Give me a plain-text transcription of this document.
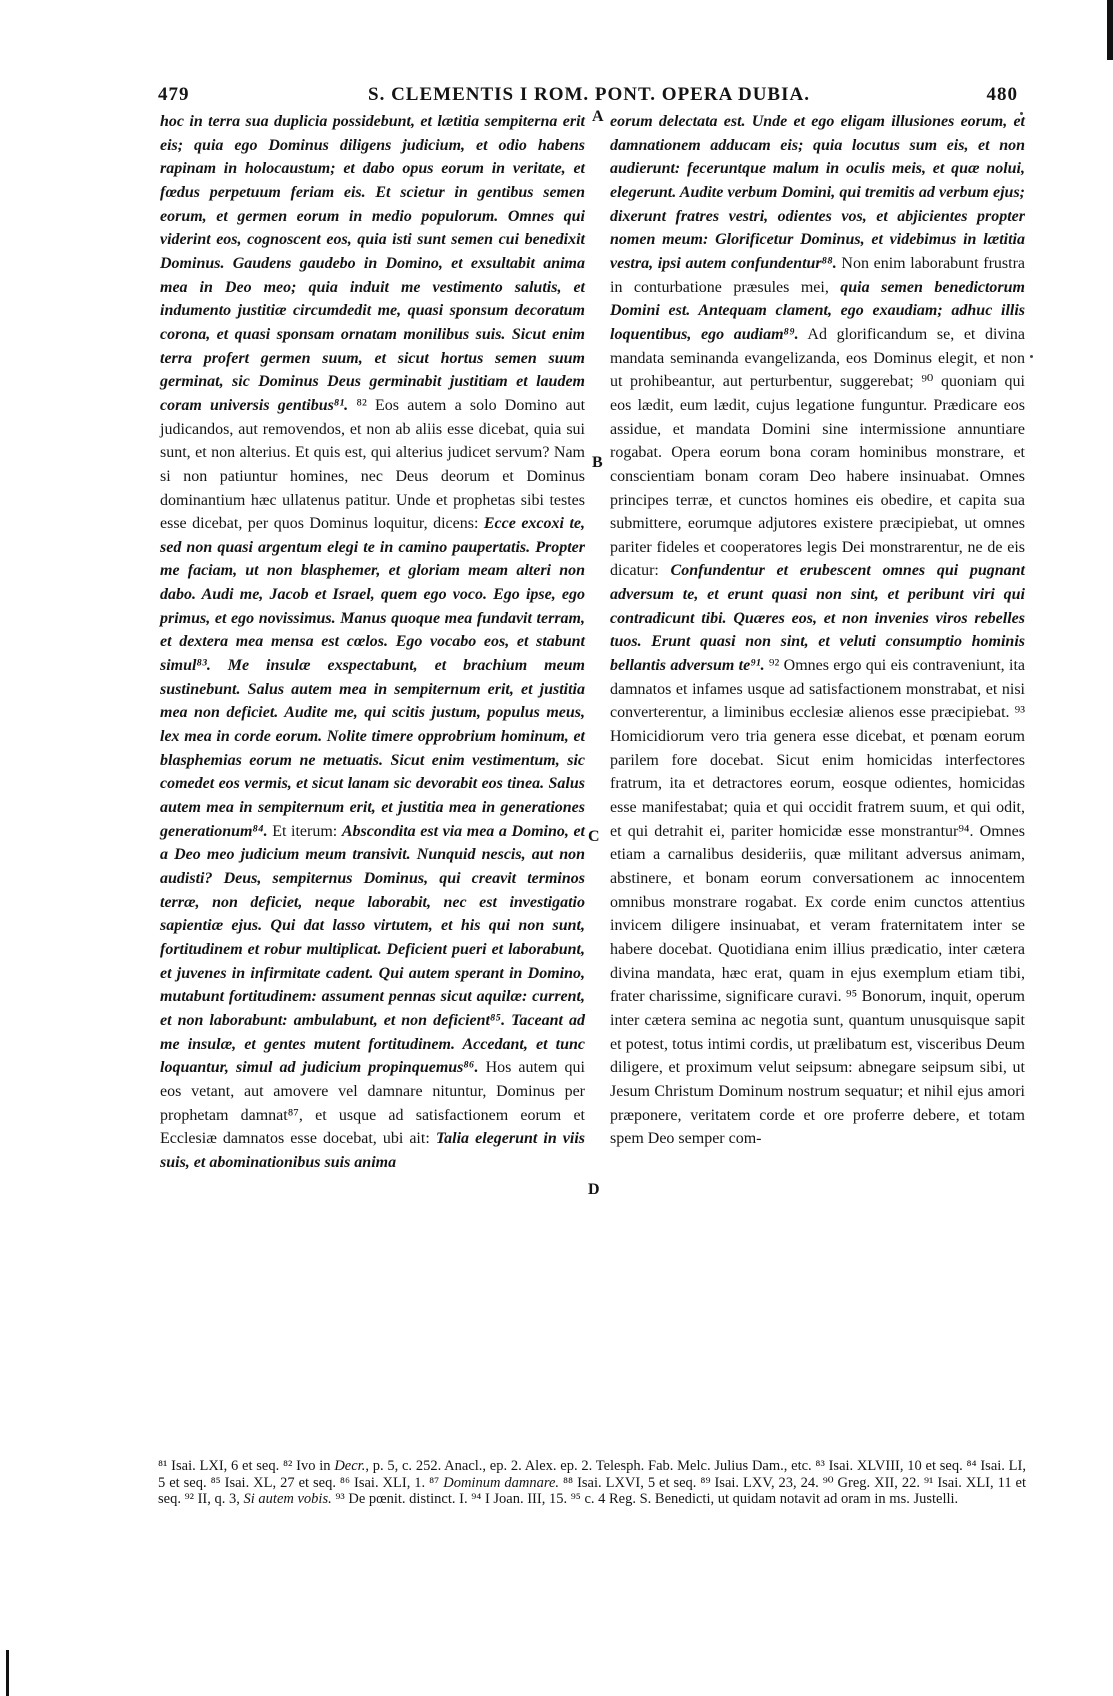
479	S. CLEMENTIS I ROM. PONT. OPERA DUBIA.	480
A
B
C
D
hoc in terra sua duplicia possidebunt, et lætitia sempiterna erit eis; quia ego Dominus diligens judicium, et odio habens rapinam in holocaustum; et dabo opus eorum in veritate, et fœdus perpetuum feriam eis. Et scietur in gentibus semen eorum, et germen eorum in medio populorum. Omnes qui viderint eos, cognoscent eos, quia isti sunt semen cui benedixit Dominus. Gaudens gaudebo in Domino, et exsultabit anima mea in Deo meo; quia induit me vestimento salutis, et indumento justitiæ circumdedit me, quasi sponsum decoratum corona, et quasi sponsam ornatam monilibus suis. Sicut enim terra profert germen suum, et sicut hortus semen suum germinat, sic Dominus Deus germinabit justitiam et laudem coram universis gentibus⁸¹. ⁸² Eos autem a solo Domino aut judicandos, aut removendos, et non ab aliis esse dicebat, quia sui sunt, et non alterius. Et quis est, qui alterius judicet servum? Nam si non patiuntur homines, nec Deus deorum et Dominus dominantium hæc ullatenus patitur. Unde et prophetas sibi testes esse dicebat, per quos Dominus loquitur, dicens: Ecce excoxi te, sed non quasi argentum elegi te in camino paupertatis. Propter me faciam, ut non blasphemer, et gloriam meam alteri non dabo. Audi me, Jacob et Israel, quem ego voco. Ego ipse, ego primus, et ego novissimus. Manus quoque mea fundavit terram, et dextera mea mensa est cœlos. Ego vocabo eos, et stabunt simul⁸³. Me insulæ exspectabunt, et brachium meum sustinebunt. Salus autem mea in sempiternum erit, et justitia mea non deficiet. Audite me, qui scitis justum, populus meus, lex mea in corde eorum. Nolite timere opprobrium hominum, et blasphemias eorum ne metuatis. Sicut enim vestimentum, sic comedet eos vermis, et sicut lanam sic devorabit eos tinea. Salus autem mea in sempiternum erit, et justitia mea in generationes generationum⁸⁴. Et iterum: Abscondita est via mea a Domino, et a Deo meo judicium meum transivit. Nunquid nescis, aut non audisti? Deus, sempiternus Dominus, qui creavit terminos terræ, non deficiet, neque laborabit, nec est investigatio sapientiæ ejus. Qui dat lasso virtutem, et his qui non sunt, fortitudinem et robur multiplicat. Deficient pueri et laborabunt, et juvenes in infirmitate cadent. Qui autem sperant in Domino, mutabunt fortitudinem: assument pennas sicut aquilæ: current, et non laborabunt: ambulabunt, et non deficient⁸⁵. Taceant ad me insulæ, et gentes mutent fortitudinem. Accedant, et tunc loquantur, simul ad judicium propinquemus⁸⁶. Hos autem qui eos vetant, aut amovere vel damnare nituntur, Dominus per prophetam damnat⁸⁷, et usque ad satisfactionem eorum et Ecclesiæ damnatos esse docebat, ubi ait: Talia elegerunt in viis suis, et abominationibus suis anima
eorum delectata est. Unde et ego eligam illusiones eorum, et damnationem adducam eis; quia locutus sum eis, et non audierunt: feceruntque malum in oculis meis, et quæ nolui, elegerunt. Audite verbum Domini, qui tremitis ad verbum ejus; dixerunt fratres vestri, odientes vos, et abjicientes propter nomen meum: Glorificetur Dominus, et videbimus in lætitia vestra, ipsi autem confundentur⁸⁸. Non enim laborabunt frustra in conturbatione præsules mei, quia semen benedictorum Domini est. Antequam clament, ego exaudiam; adhuc illis loquentibus, ego audiam⁸⁹. Ad glorificandum se, et divina mandata seminanda evangelizanda, eos Dominus elegit, et non ut prohibeantur, aut perturbentur, suggerebat; ⁹⁰ quoniam qui eos lædit, eum lædit, cujus legatione funguntur. Prædicare eos assidue, et mandata Domini sine intermissione annuntiare rogabat. Opera eorum bona coram hominibus monstrare, et conscientiam bonam coram Deo habere insinuabat. Omnes principes terræ, et cunctos homines eis obedire, et capita sua submittere, eorumque adjutores existere præcipiebat, ut omnes pariter fideles et cooperatores legis Dei monstrarentur, ne de eis dicatur: Confundentur et erubescent omnes qui pugnant adversum te, et erunt quasi non sint, et peribunt viri qui contradicunt tibi. Quæres eos, et non invenies viros rebelles tuos. Erunt quasi non sint, et veluti consumptio hominis bellantis adversum te⁹¹. ⁹² Omnes ergo qui eis contraveniunt, ita damnatos et infames usque ad satisfactionem monstrabat, et nisi converterentur, a liminibus ecclesiæ alienos esse præcipiebat. ⁹³ Homicidiorum vero tria genera esse dicebat, et pœnam eorum parilem fore docebat. Sicut enim homicidas interfectores fratrum, ita et detractores eorum, eosque odientes, homicidas esse manifestabat; quia et qui occidit fratrem suum, et qui odit, et qui detrahit ei, pariter homicidæ esse monstrantur⁹⁴. Omnes etiam a carnalibus desideriis, quæ militant adversus animam, abstinere, et bonam eorum conversationem ac innocentem omnibus monstrare rogabat. Ex corde enim cunctos attentius invicem diligere insinuabat, et veram fraternitatem inter se habere docebat. Quotidiana enim illius prædicatio, inter cætera divina mandata, hæc erat, quam in ejus exemplum etiam tibi, frater charissime, significare curavi. ⁹⁵ Bonorum, inquit, operum inter cætera semina ac negotia sunt, quantum unusquisque sapit et potest, totus intimi cordis, ut prælibatum est, visceribus Deum diligere, et proximum velut seipsum: abnegare seipsum sibi, ut Jesum Christum Dominum nostrum sequatur; et nihil ejus amori præponere, veritatem corde et ore proferre debere, et totam spem Deo semper com-
⁸¹ Isai. LXI, 6 et seq. ⁸² Ivo in Decr., p. 5, c. 252. Anacl., ep. 2. Alex. ep. 2. Telesph. Fab. Melc. Julius Dam., etc. ⁸³ Isai. XLVIII, 10 et seq. ⁸⁴ Isai. LI, 5 et seq. ⁸⁵ Isai. XL, 27 et seq. ⁸⁶ Isai. XLI, 1. ⁸⁷ Dominum damnare. ⁸⁸ Isai. LXVI, 5 et seq. ⁸⁹ Isai. LXV, 23, 24. ⁹⁰ Greg. XII, 22. ⁹¹ Isai. XLI, 11 et seq. ⁹² II, q. 3, Si autem vobis. ⁹³ De pœnit. distinct. I. ⁹⁴ I Joan. III, 15. ⁹⁵ c. 4 Reg. S. Benedicti, ut quidam notavit ad oram in ms. Justelli.
